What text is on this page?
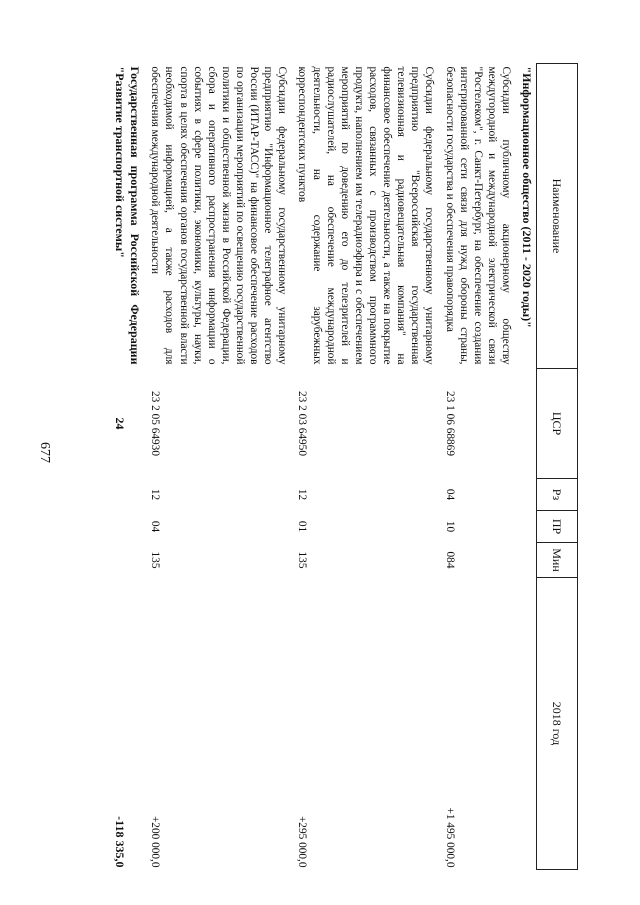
Наименование	ЦСР	Рз	ПР	Мин	2018 год
"Информационное общество (2011 - 2020 годы)"					
Субсидии публичному акционерному обществу междугородной и международной электрической связи "Ростелеком", г. Санкт-Петербург, на обеспечение создания интегрированной сети связи для нужд обороны страны, безопасности государства и обеспечения правопорядка	23 1 06 68869	04	10	084	+1 495 000,0
Субсидии федеральному государственному унитарному предприятию "Всероссийская государственная телевизионная и радиовещательная компания" на финансовое обеспечение деятельности, а также на покрытие расходов, связанных с производством программного продукта, наполнением им телерадиоэфира и с обеспечением мероприятий по доведению его до телезрителей и радиослушателей, на обеспечение международной деятельности, на содержание зарубежных корреспондентских пунктов	23 2 03 64950	12	01	135	+295 000,0
Субсидии федеральному государственному унитарному предприятию "Информационное телеграфное агентство России (ИТАР-ТАСС)" на финансовое обеспечение расходов по организации мероприятий по освещению государственной политики и общественной жизни в Российской Федерации, сбора и оперативного распространения информации о событиях в сфере политики, экономики, культуры, науки, спорта в целях обеспечения органов государственной власти необходимой информацией, а также расходов для обеспечения международной деятельности	23 2 05 64930	12	04	135	+200 000,0
Государственная программа Российской Федерации "Развитие транспортной системы"	24				-118 335,0
677
